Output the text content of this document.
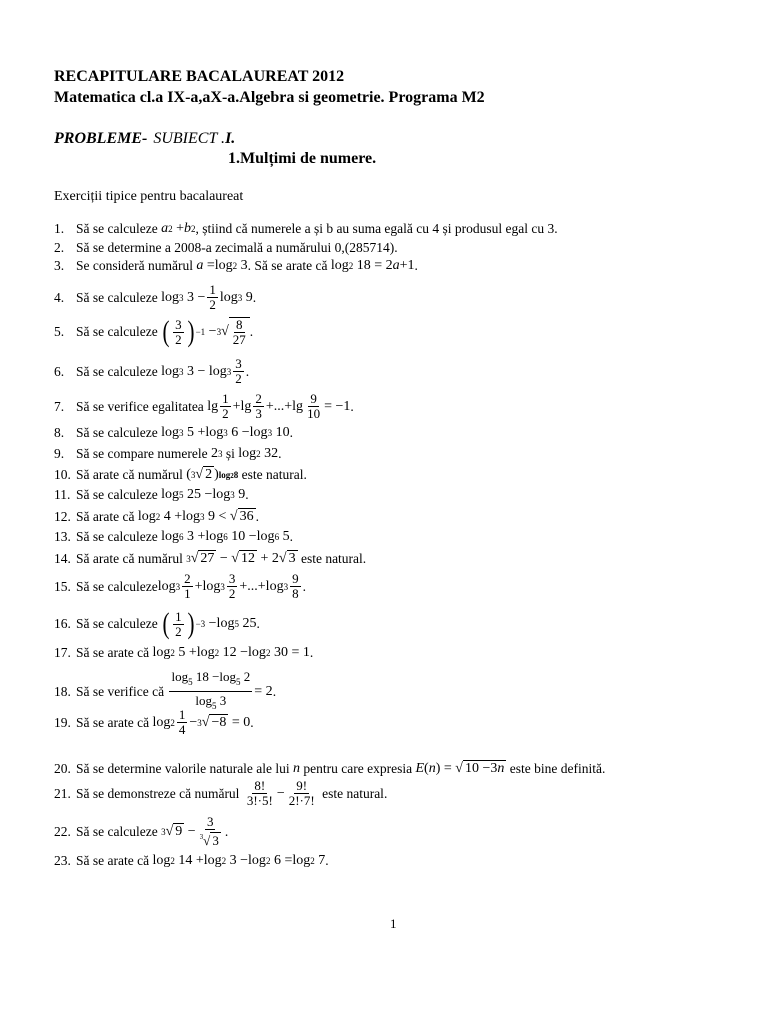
RECAPITULARE BACALAUREAT 2012
Matematica cl.a IX-a,aX-a.Algebra si geometrie. Programa M2
PROBLEME- SUBIECT .I.
1.Mulțimi de numere.
Exerciții tipice pentru bacalaureat
1. Să se calculeze
a 2 + b 2 , știind că numerele a și b au suma egală cu 4 și produsul egal cu 3.
2. Să se determine a 2008-a zecimală a numărului 0,(285714).
3. Se consideră numărul
a =log 2 3 . Să se arate că
log 2 18 = 2 a +1 .
4. Să se calculeze
log 3 $3 - \frac{1}{2}$ log 3 9 .
5. Să se calculeze
( $\frac{3}{2}$ ) −1 − 3 √ $\frac{8}{27}$ .
6. Să se calculeze
log 3 $3 - \log 3 \frac{3}{2}$ .
7. Să se verifice egalitatea
$\lg \frac{1}{2} +\lg \frac{2}{3} +...+\lg \frac{9}{10} = -1$ .
8. Să se calculeze
log 3 5 +log 3 6 −log 3 10 .
9. Să se compare numerele
2 3
și
log 2 32 .
10. Să arate că numărul
( 3 √ 2 ) log28
este natural.
11. Să se calculeze
log 5 25 −log 3 9 .
12. Să arate că
log 2 4 +log 3 9 < √ 36 .
13. Să se calculeze
log 6 3 +log 6 10 −log 6 5 .
14. Să arate că numărul
3 √ 27 − √ 12 + 2√ 3
este natural.
15. Să se calculeze $\log 3 \frac{2}{1} +\log$ $3 \frac{3}{2} +...+\log$ $3 \frac{9}{8}$ .
16. Să se calculeze
( $\frac{1}{2}$ ) −3 −log 5 25 .
17. Să se arate că
log 2 5 +log 2 12 −log 2 30 = 1 .
18. Să se verifice că
$\frac{\log_5 18 -\log_5 2}{\log_5 3} = 2$ .
19. Să se arate că
$\log 2 \frac{1}{4} - 3$ √ −8 = 0 .
20. Să se determine valorile naturale ale lui
n
pentru care expresia
E ( n ) = √ 10 −3n
este bine definită.
21. Să se demonstreze că numărul
$\frac{8!}{3!\cdot 5!} - \frac{9!}{2!\cdot 7!}$
este natural.
22. Să se calculeze
3 √ $9 - \frac{3}{^3√ 3}$ .
23. Să se arate că
log 2 14 +log 2 3 −log 2 6 =log 2 7 .
1
